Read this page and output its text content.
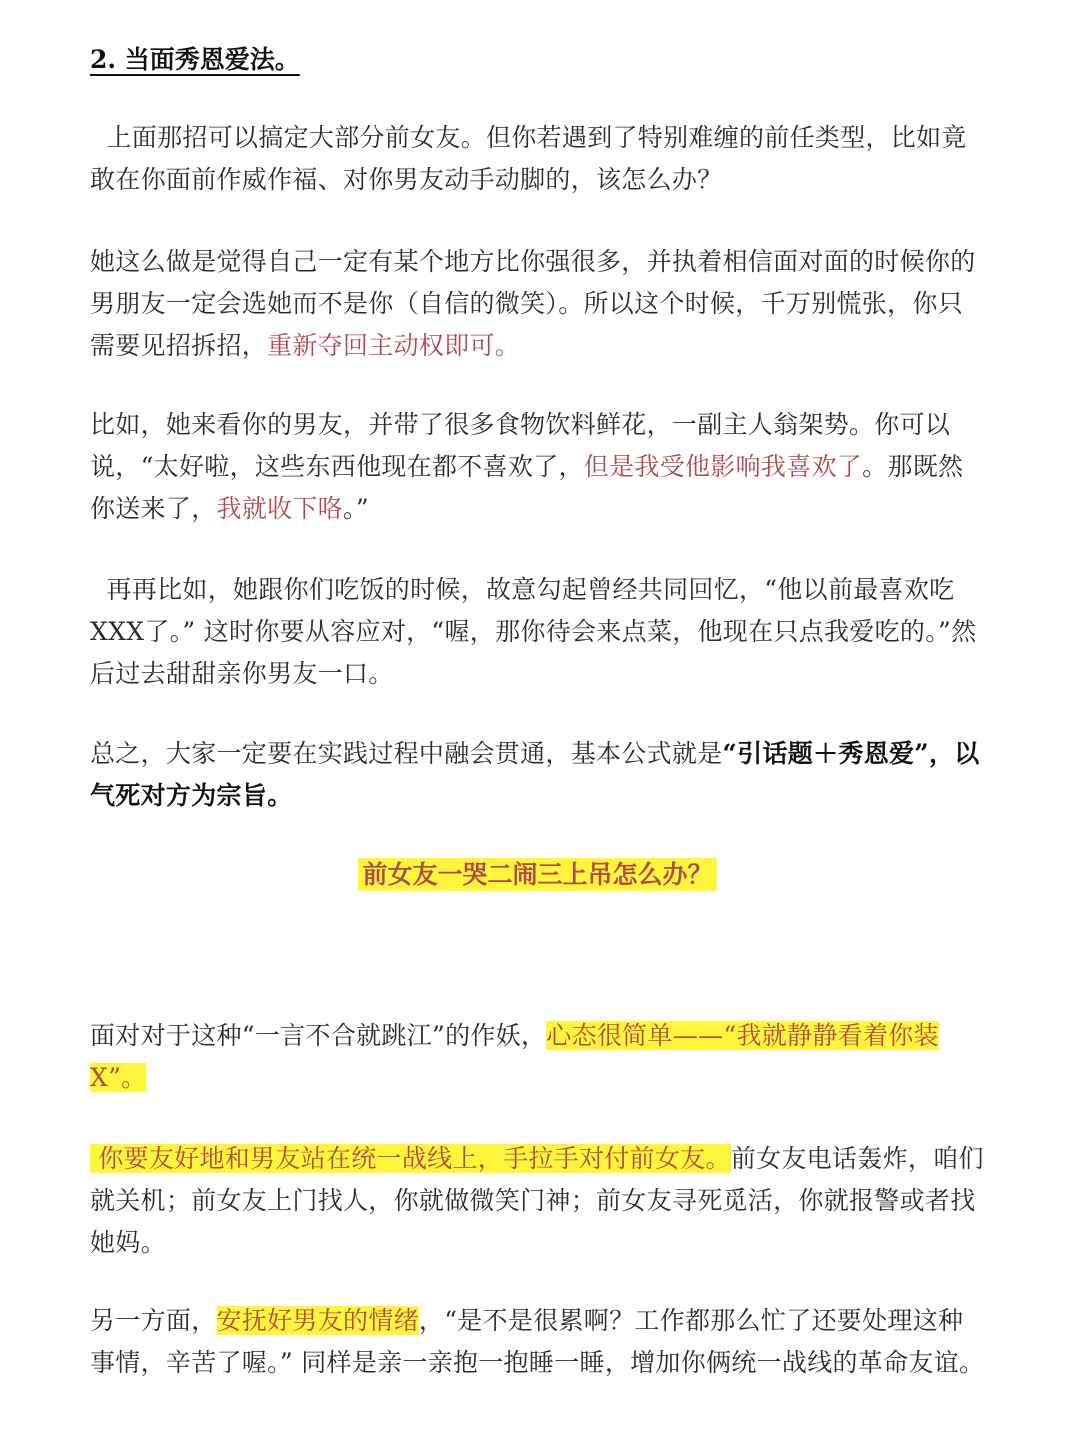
2. 当面秀恩爱法。

上面那招可以搞定大部分前女友。但你若遇到了特别难缠的前任类型，比如竟敢在你面前作威作福、对你男友动手动脚的，该怎么办？

她这么做是觉得自己一定有某个地方比你强很多，并执着相信面对面的时候你的男朋友一定会选她而不是你（自信的微笑）。所以这个时候，千万别慌张，你只需要见招拆招，重新夺回主动权即可。

比如，她来看你的男友，并带了很多食物饮料鲜花，一副主人翁架势。你可以说，“太好啦，这些东西他现在都不喜欢了，但是我受他影响我喜欢了。那既然你送来了，我就收下咯。”

再再比如，她跟你们吃饭的时候，故意勾起曾经共同回忆，“他以前最喜欢吃XXX了。” 这时你要从容应对，“喔，那你待会来点菜，他现在只点我爱吃的。”然后过去甜甜亲你男友一口。

总之，大家一定要在实践过程中融会贯通，基本公式就是“引话题＋秀恩爱”，以气死对方为宗旨。

前女友一哭二闹三上吊怎么办？

面对对于这种“一言不合就跳江”的作妖，心态很简单——“我就静静看着你装X”。

你要友好地和男友站在统一战线上，手拉手对付前女友。前女友电话轰炸，咱们就关机；前女友上门找人，你就做微笑门神；前女友寻死觅活，你就报警或者找她妈。

另一方面，安抚好男友的情绪，“是不是很累啊？工作都那么忙了还要处理这种事情，辛苦了喔。” 同样是亲一亲抱一抱睡一睡，增加你俩统一战线的革命友谊。
